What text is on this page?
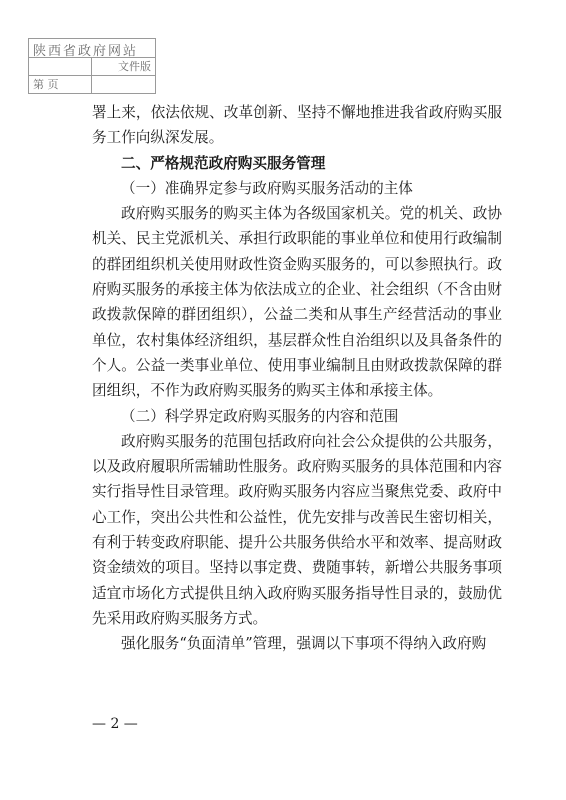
陕西省政府网站
文件版
第 页

署上来，依法依规、改革创新、坚持不懈地推进我省政府购买服务工作向纵深发展。

二、严格规范政府购买服务管理

（一）准确界定参与政府购买服务活动的主体

政府购买服务的购买主体为各级国家机关。党的机关、政协机关、民主党派机关、承担行政职能的事业单位和使用行政编制的群团组织机关使用财政性资金购买服务的，可以参照执行。政府购买服务的承接主体为依法成立的企业、社会组织（不含由财政拨款保障的群团组织），公益二类和从事生产经营活动的事业单位，农村集体经济组织，基层群众性自治组织以及具备条件的个人。公益一类事业单位、使用事业编制且由财政拨款保障的群团组织，不作为政府购买服务的购买主体和承接主体。

（二）科学界定政府购买服务的内容和范围

政府购买服务的范围包括政府向社会公众提供的公共服务，以及政府履职所需辅助性服务。政府购买服务的具体范围和内容实行指导性目录管理。政府购买服务内容应当聚焦党委、政府中心工作，突出公共性和公益性，优先安排与改善民生密切相关，有利于转变政府职能、提升公共服务供给水平和效率、提高财政资金绩效的项目。坚持以事定费、费随事转，新增公共服务事项适宜市场化方式提供且纳入政府购买服务指导性目录的，鼓励优先采用政府购买服务方式。

强化服务“负面清单”管理，强调以下事项不得纳入政府购

— 2 —
